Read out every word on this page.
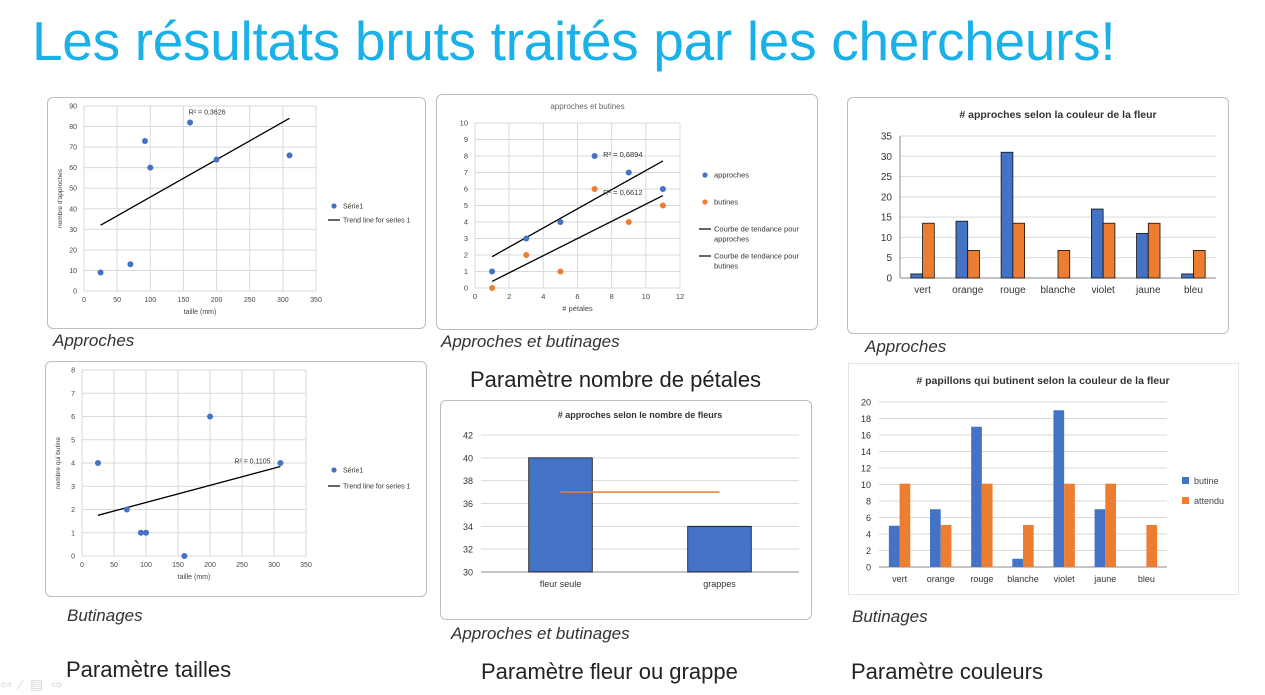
Les résultats bruts traités par les chercheurs!
0	50	100	150	200	250	300	350
0
10
20
30
40
50
60
70
80
90
taille (mm)
nombre d'approches
R² = 0,3626
Série1
Trend line for series 1
Approches
approches et butines
0	2	4	6	8	10	12
0
1
2
3
4
5
6
7
8
9
10
# pétales
R² = 0,6894
R² = 0,6612
approches
butines
Courbe de tendance pour
approches
Courbe de tendance pour
butines
Approches et butinages
Paramètre nombre de pétales
# approches selon la couleur de la fleur
0
5
10
15
20
25
30
35
vert orange rouge blanche violet jaune bleu
Approches
0	50	100	150	200	250	300	350
0
1
2
3
4
5
6
7
8
taille (mm)
nombre qui butine	R² = 0,1105
Série1
Trend line for series 1
Butinages
Paramètre tailles
# approches selon le nombre de fleurs
30
32
34
36
38
40
42
fleur seule	grappes
Approches et butinages
Paramètre fleur ou grappe
# papillons qui butinent selon la couleur de la fleur
0
2
4
6
8
10
12
14
16
18
20
vert orange rouge blanche violet jaune bleu
butine
attendu
Butinages
Paramètre couleurs
⇦⁄▤⇨
